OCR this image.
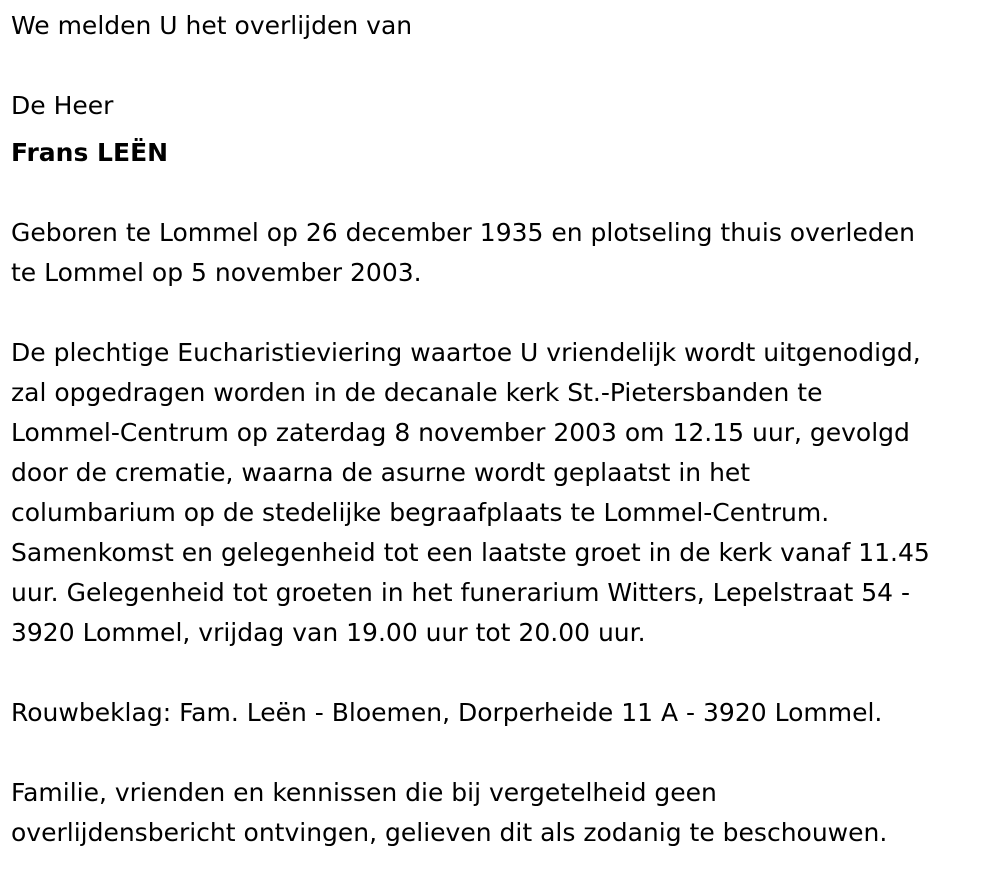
We melden U het overlijden van

De Heer

Frans LEËN

Geboren te Lommel op 26 december 1935 en plotseling thuis overleden

te Lommel op 5 november 2003.

De plechtige Eucharistieviering waartoe U vriendelijk wordt uitgenodigd,

zal opgedragen worden in de decanale kerk St.-Pietersbanden te

Lommel-Centrum op zaterdag 8 november 2003 om 12.15 uur, gevolgd

door de crematie, waarna de asurne wordt geplaatst in het

columbarium op de stedelijke begraafplaats te Lommel-Centrum.

Samenkomst en gelegenheid tot een laatste groet in de kerk vanaf 11.45

uur. Gelegenheid tot groeten in het funerarium Witters, Lepelstraat 54 -

3920 Lommel, vrijdag van 19.00 uur tot 20.00 uur.

Rouwbeklag: Fam. Leën - Bloemen, Dorperheide 11 A - 3920 Lommel.

Familie, vrienden en kennissen die bij vergetelheid geen

overlijdensbericht ontvingen, gelieven dit als zodanig te beschouwen.
